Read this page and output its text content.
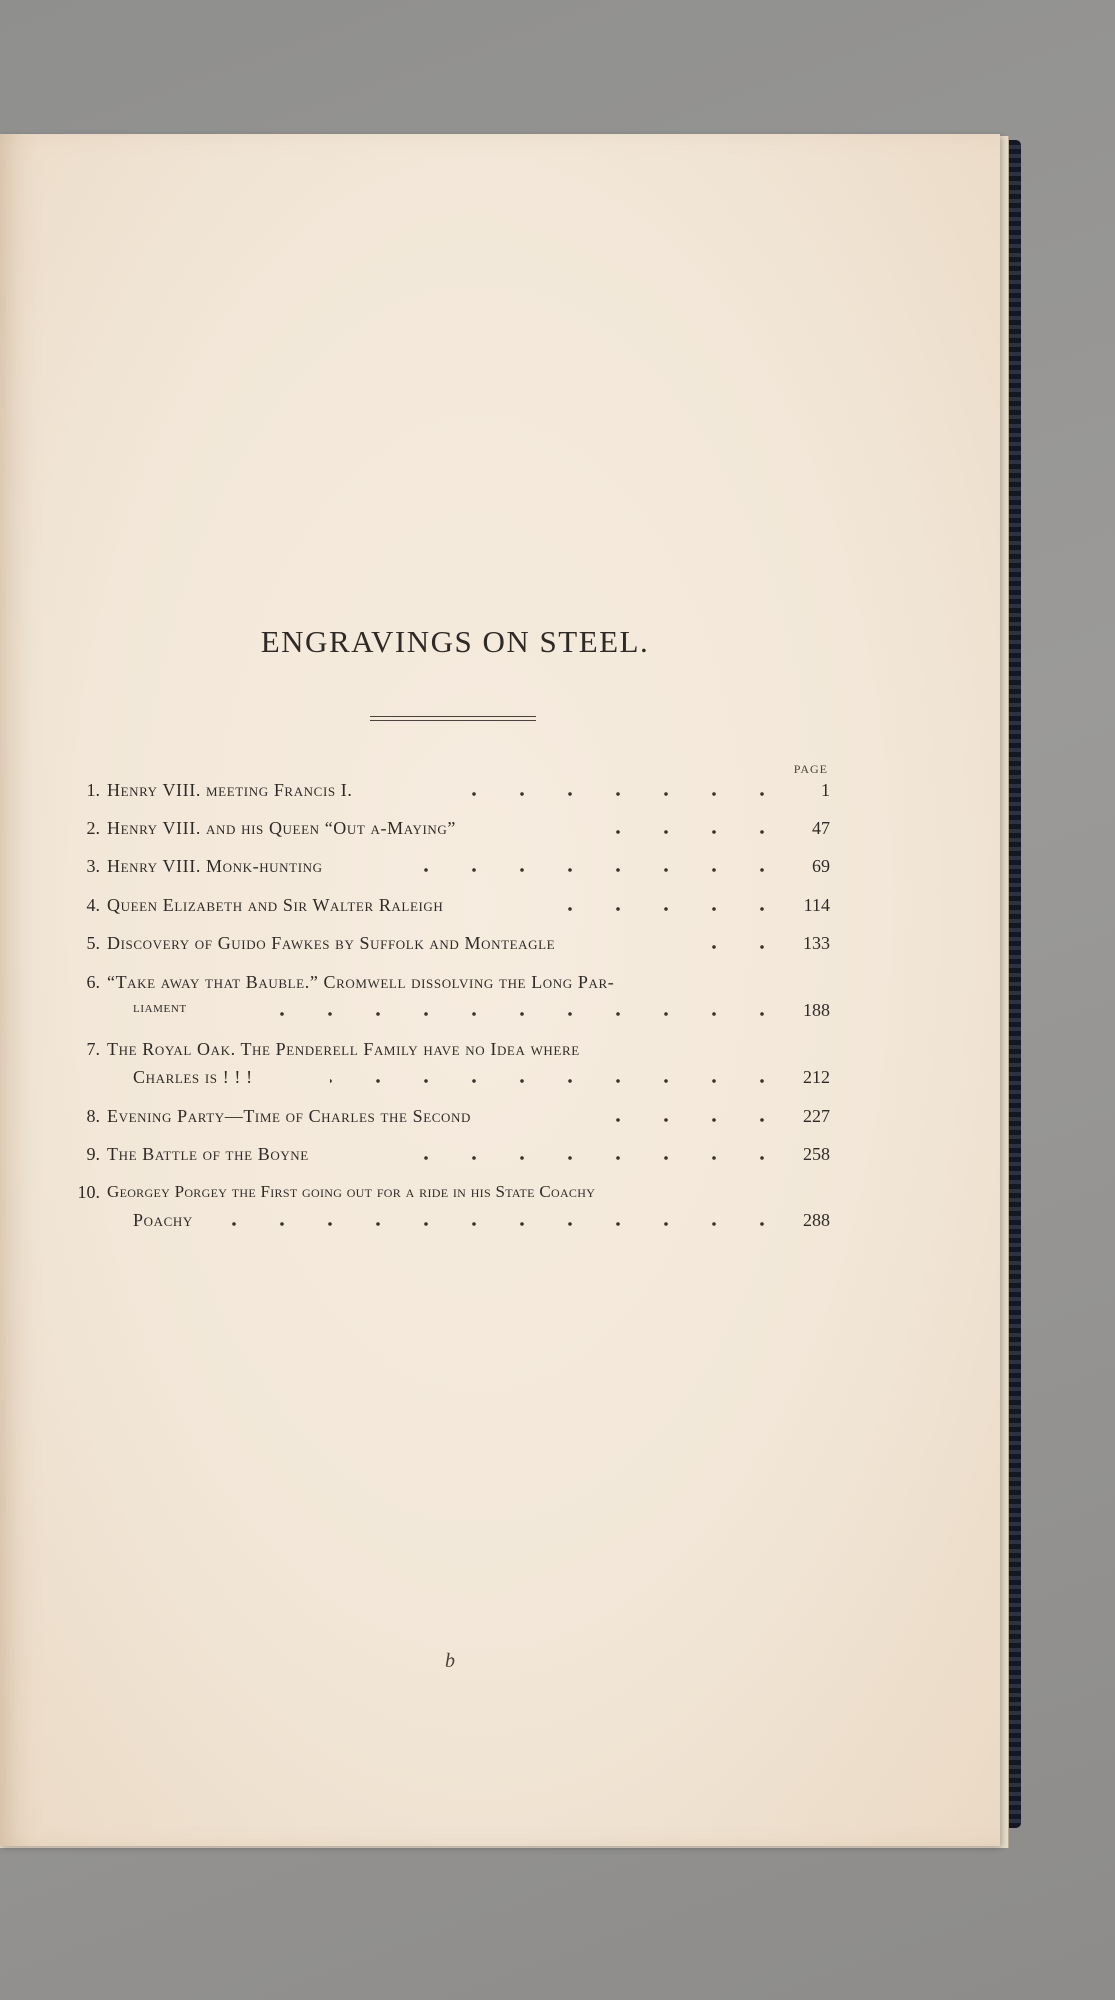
ENGRAVINGS ON STEEL.
PAGE
1. Henry VIII. meeting Francis I.	1
2. Henry VIII. and his Queen “Out a-Maying”	47
3. Henry VIII. Monk-hunting	69
4. Queen Elizabeth and Sir Walter Raleigh	114
5. Discovery of Guido Fawkes by Suffolk and Monteagle	133
6. “Take away that Bauble.” Cromwell dissolving the Long Par-
liament	188
7. The Royal Oak. The Penderell Family have no Idea where
Charles is ! ! !	212
8. Evening Party—Time of Charles the Second	227
9. The Battle of the Boyne	258
10. Georgey Porgey the First going out for a ride in his State Coachy
Poachy	288
b
